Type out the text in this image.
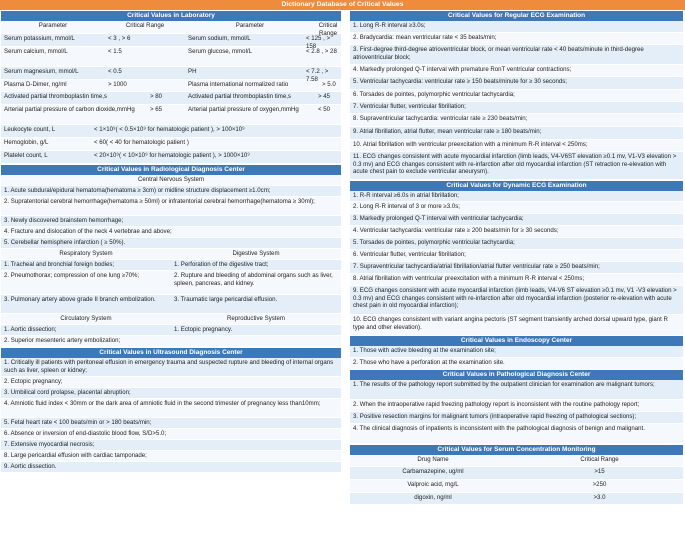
Dictionary Database of Critical Values
Critical Values in Laboratory
Parameter	Critical Range	Parameter	Critical Range
Serum potassium, mmol/L	< 3 , > 6	Serum sodium, mmol/L	< 125 , > 158
Serum calcium, mmol/L	< 1.5	Serum glucose, mmol/L	< 2.8 , > 28
Serum magnesium, mmol/L	< 0.5	PH	< 7.2 , > 7.58
Plasma D-Dimer, ng/ml	> 1000	Plasma international normalized ratio	> 5.0
Activated partial thromboplastin time,s	> 80	Activated partial thromboplastin time,s	> 45
Arterial partial pressure of carbon dioxide,mmHg	> 65	Arterial partial pressure of oxygen,mmHg	< 50
Leukocyte count, L	< 1×10⁹( < 0.5×10⁹ for hematologic patient ), > 100×10⁹
Hemoglobin, g/L	< 60( < 40 for hematologic patient )
Platelet count, L	< 20×10⁹( < 10×10⁹ for hematologic patient ), > 1000×10⁹
Critical Values in Radiological Diagnosis Center
Central Nervous System
1. Acute subdural/epidural hematoma(hematoma ≥ 3cm) or midline structure displacement ≥1.0cm;
2. Supratentorial cerebral hemorrhage(hematoma ≥ 50ml) or infratentorial cerebral hemorrhage(hematoma ≥ 30ml);
3. Newly discovered brainstem hemorrhage;
4. Fracture and dislocation of the neck 4 vertebrae and above;
5. Cerebellar hemisphere infarction ( ≥ 50%).
Respiratory System	Digestive System
1. Tracheal and bronchial foreign bodies;	1. Perforation of the digestive tract;
2. Pneumothorax; compression of one lung ≥70%;	2. Rupture and bleeding of abdominal organs such as liver, spleen, pancreas, and kidney.
3. Pulmonary artery above grade II branch embolization.	3. Traumatic large pericardial effusion.
Circulatory System	Reproductive System
1. Aortic dissection;	1. Ectopic pregnancy.
2. Superior mesenteric artery embolization;
Critical Values in Ultrasound Diagnosis Center
1. Critically ill patients with peritoneal effusion in emergency trauma and suspected rupture and bleeding of internal organs such as liver, spleen or kidney;
2. Ectopic pregnancy;
3. Umbilical cord prolapse, placental abruption;
4. Amniotic fluid index < 30mm or the dark area of amniotic fluid in the second trimester of pregnancy less than10mm;
5. Fetal heart rate < 100 beats/min or > 180 beats/min;
6. Absence or inversion of end-diastolic blood flow, S/D>5.0;
7. Extensive myocardial necrosis;
8. Large pericardial effusion with cardiac tamponade;
9. Aortic dissection.
Critical Values for Regular ECG Examination
1. Long R-R interval ≥3.0s;
2. Bradycardia: mean ventricular rate < 35 beats/min;
3. First-degree third-degree atrioventricular block, or mean ventricular rate < 40 beats/minute in third-degree atrioventricular block;
4. Markedly prolonged Q-T interval with premature RonT ventricular contractions;
5. Ventricular tachycardia: ventricular rate ≥ 150 beats/minute for ≥ 30 seconds;
6. Torsades de pointes, polymorphic ventricular tachycardia;
7. Ventricular flutter, ventricular fibrillation;
8. Supraventricular tachycardia: ventricular rate ≥ 230 beats/min;
9. Atrial fibrillation, atrial flutter, mean ventricular rate ≥ 180 beats/min;
10. Atrial fibrillation with ventricular preexcitation with a minimum R-R interval < 250ms;
11. ECG changes consistent with acute myocardial infarction (limb leads, V4-V6ST elevation ≥0.1 mv, V1-V3 elevation > 0.3 mv) and ECG changes consistent with re-infarction after old myocardial infarction (ST retraction re-elevation with acute chest pain to exclude ventricular aneurysm).
Critical Values for Dynamic ECG Examination
1. R-R interval ≥6.0s in atrial fibrillation;
2. Long R-R interval of 3 or more ≥3.0s;
3. Markedly prolonged Q-T interval with ventricular tachycardia;
4. Ventricular tachycardia: ventricular rate ≥ 200 beats/min for ≥ 30 seconds;
5. Torsades de pointes, polymorphic ventricular tachycardia;
6. Ventricular flutter, ventricular fibrillation;
7. Supraventricular tachycardia/atrial fibrillation/atrial flutter ventricular rate ≥ 250 beats/min;
8. Atrial fibrillation with ventricular preexcitation with a minimum R-R interval < 250ms;
9. ECG changes consistent with acute myocardial infarction (limb leads, V4-V6 ST elevation ≥0.1 mv, V1 -V3 elevation > 0.3 mv) and ECG changes consistent with re-infarction after old myocardial infarction (posterior re-elevation with acute chest pain in old myocardial infarction);
10. ECG changes consistent with variant angina pectoris (ST segment transiently arched dorsal upward type, giant R type and other elevation).
Critical Values in Endoscopy Center
1. Those with active bleeding at the examination site;
2. Those who have a perforation at the examination site.
Critical Values in Pathological Diagnosis Center
1. The results of the pathology report submitted by the outpatient clinician for examination are malignant tumors;
2. When the intraoperative rapid freezing pathology report is inconsistent with the routine pathology report;
3. Positive resection margins for malignant tumors (intraoperative rapid freezing of pathological sections);
4. The clinical diagnosis of inpatients is inconsistent with the pathological diagnosis of benign and malignant.
Critical Values for Serum Concentration Monitoring
Drug Name	Critical Range
Carbamazepine, ug/ml	>15
Valproic acid, mg/L	>250
digoxin, ng/ml	>3.0
